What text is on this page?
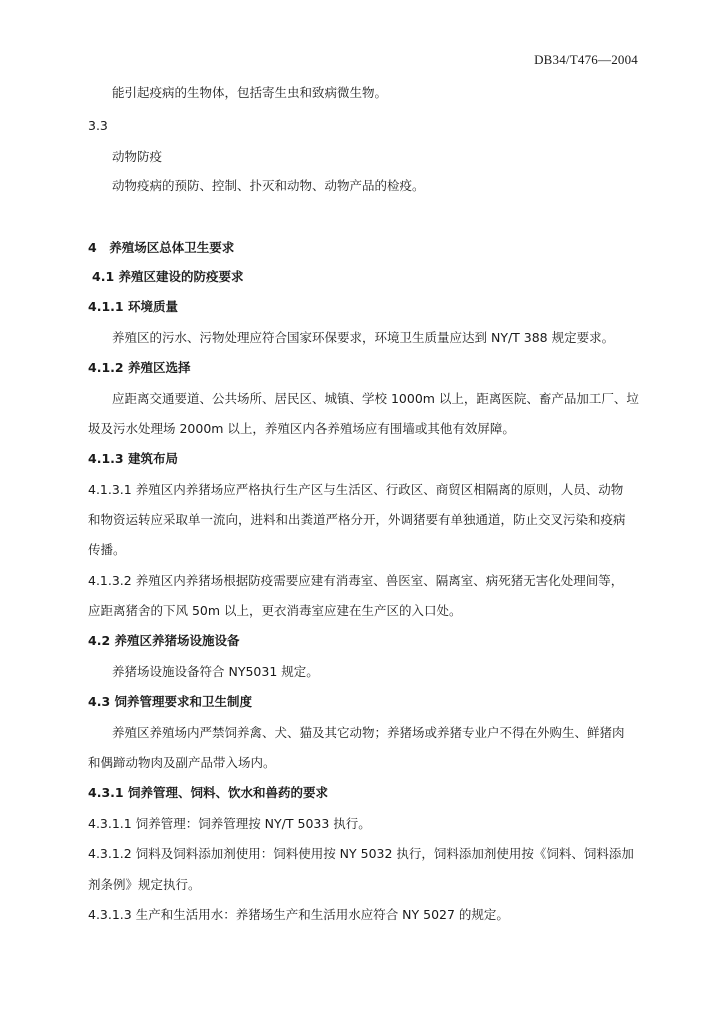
DB34/T476—2004
能引起疫病的生物体，包括寄生虫和致病微生物。
3.3
动物防疫
动物疫病的预防、控制、扑灭和动物、动物产品的检疫。
4　养殖场区总体卫生要求
4.1 养殖区建设的防疫要求
4.1.1 环境质量
养殖区的污水、污物处理应符合国家环保要求，环境卫生质量应达到 NY/T 388 规定要求。
4.1.2 养殖区选择
应距离交通要道、公共场所、居民区、城镇、学校 1000m 以上，距离医院、畜产品加工厂、垃
圾及污水处理场 2000m 以上，养殖区内各养殖场应有围墙或其他有效屏障。
4.1.3 建筑布局
4.1.3.1 养殖区内养猪场应严格执行生产区与生活区、行政区、商贸区相隔离的原则，人员、动物
和物资运转应采取单一流向，进料和出粪道严格分开，外调猪要有单独通道，防止交叉污染和疫病
传播。
4.1.3.2 养殖区内养猪场根据防疫需要应建有消毒室、兽医室、隔离室、病死猪无害化处理间等，
应距离猪舍的下风 50m 以上，更衣消毒室应建在生产区的入口处。
4.2 养殖区养猪场设施设备
养猪场设施设备符合 NY5031 规定。
4.3 饲养管理要求和卫生制度
养殖区养殖场内严禁饲养禽、犬、猫及其它动物；养猪场或养猪专业户不得在外购生、鲜猪肉
和偶蹄动物肉及副产品带入场内。
4.3.1 饲养管理、饲料、饮水和兽药的要求
4.3.1.1 饲养管理：饲养管理按 NY/T 5033 执行。
4.3.1.2 饲料及饲料添加剂使用：饲料使用按 NY 5032 执行，饲料添加剂使用按《饲料、饲料添加
剂条例》规定执行。
4.3.1.3 生产和生活用水：养猪场生产和生活用水应符合 NY 5027 的规定。
